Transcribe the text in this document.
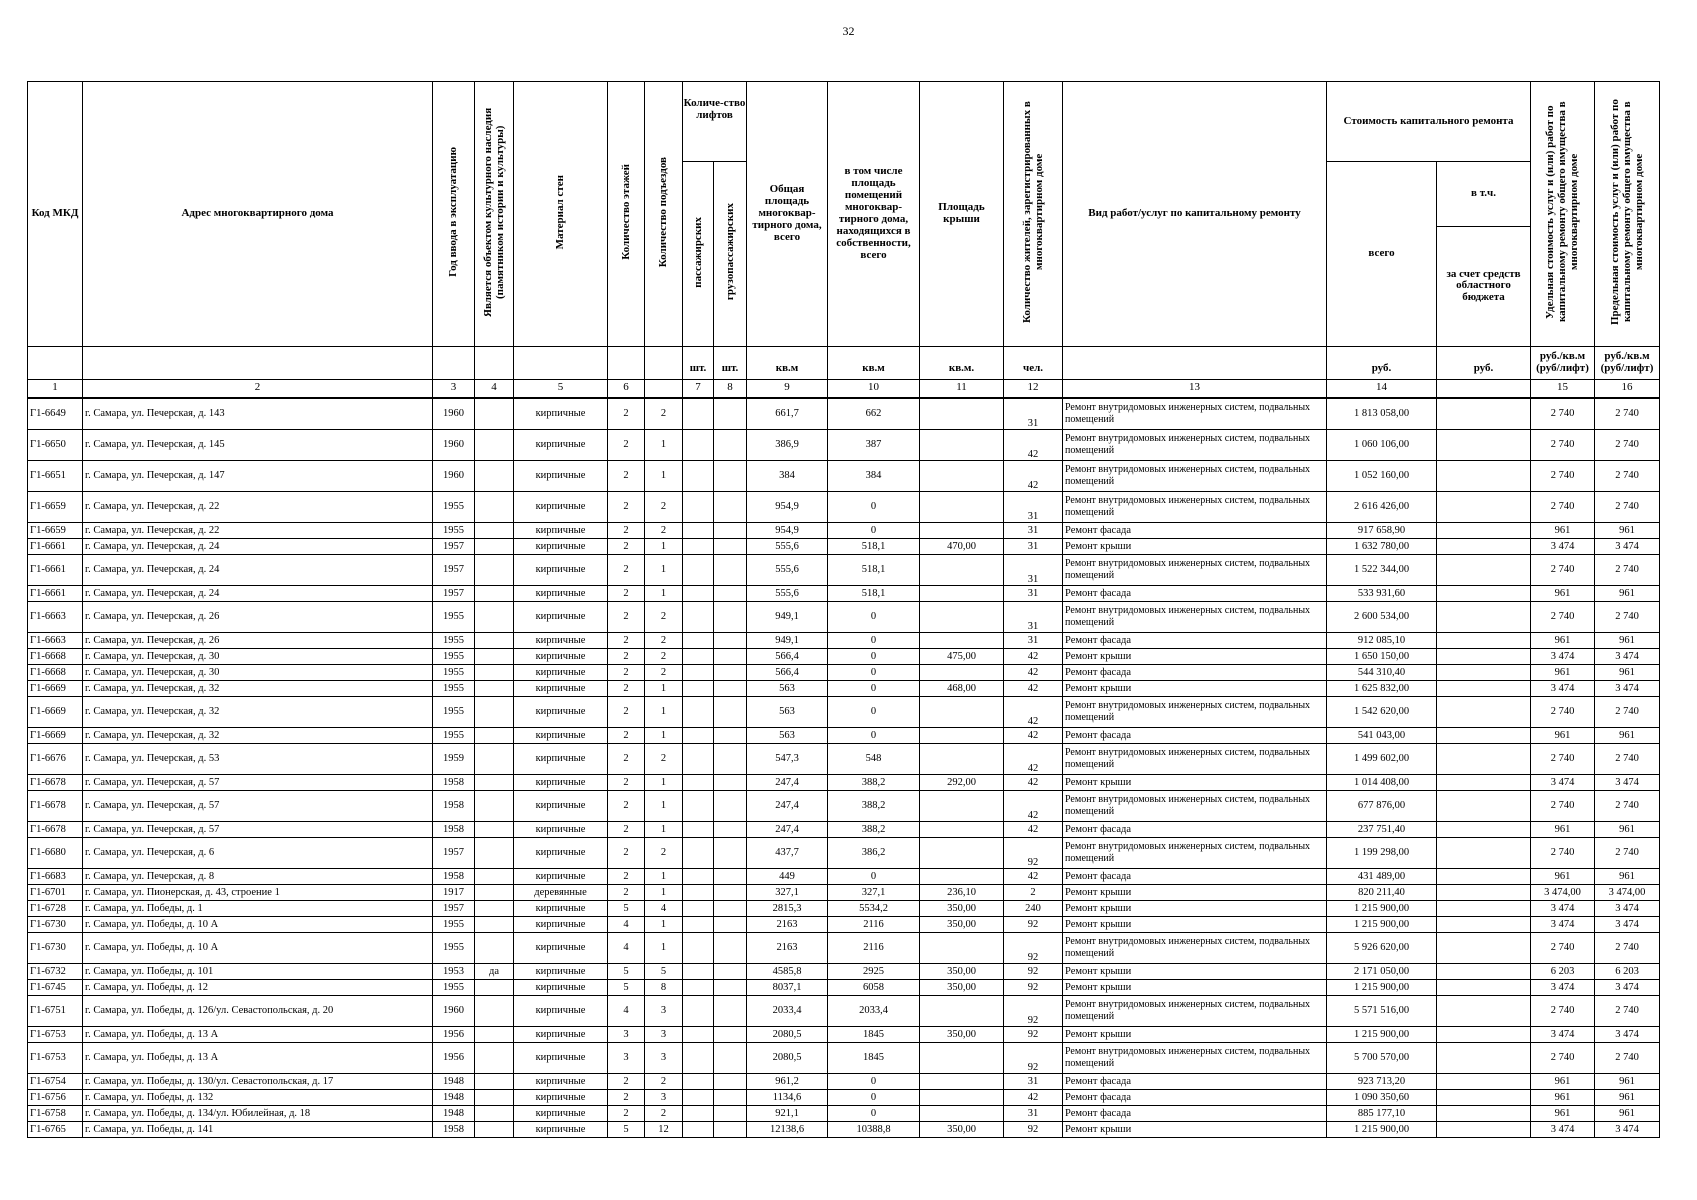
32
Код МКД	Адрес многоквартирного дома	Год ввода в эксплуатацию	Является объектом культурного наследия (памятником истории и культуры)	Материал стен	Количество этажей	Количество подъездов	Количе-ство лифтов		Общая площадь многоквар-тирного дома, всего	в том числе площадь помещений многоквар-тирного дома, находящихся в собственности, всего	Площадь крыши	Количество жителей, зарегистрированных в многоквартирном доме	Вид работ/услуг по капитальному ремонту	Стоимость капитального ремонта		Удельная стоимость услуг и (или) работ по капитальному ремонту общего имущества в многоквартирном доме	Предельная стоимость услуг и (или) работ по капитальному ремонту общего имущества в многоквартирном доме
							пассажирских	грузопассажирских						всего	в т.ч.		
															за счет средств областного бюджета		
							шт.	шт.	кв.м	кв.м	кв.м.	чел.		руб.	руб.	руб./кв.м (руб/лифт)	руб./кв.м (руб/лифт)
1	2	3	4	5	6		7	8	9	10	11	12	13	14		15	16
Г1-6649	г. Самара, ул. Печерская, д. 143	1960		кирпичные	2	2			661,7	662		31	Ремонт внутридомовых инженерных систем, подвальных помещений	1 813 058,00		2 740	2 740
Г1-6650	г. Самара, ул. Печерская, д. 145	1960		кирпичные	2	1			386,9	387		42	Ремонт внутридомовых инженерных систем, подвальных помещений	1 060 106,00		2 740	2 740
Г1-6651	г. Самара, ул. Печерская, д. 147	1960		кирпичные	2	1			384	384		42	Ремонт внутридомовых инженерных систем, подвальных помещений	1 052 160,00		2 740	2 740
Г1-6659	г. Самара, ул. Печерская, д. 22	1955		кирпичные	2	2			954,9	0		31	Ремонт внутридомовых инженерных систем, подвальных помещений	2 616 426,00		2 740	2 740
Г1-6659	г. Самара, ул. Печерская, д. 22	1955		кирпичные	2	2			954,9	0		31	Ремонт фасада	917 658,90		961	961
Г1-6661	г. Самара, ул. Печерская, д. 24	1957		кирпичные	2	1			555,6	518,1	470,00	31	Ремонт крыши	1 632 780,00		3 474	3 474
Г1-6661	г. Самара, ул. Печерская, д. 24	1957		кирпичные	2	1			555,6	518,1		31	Ремонт внутридомовых инженерных систем, подвальных помещений	1 522 344,00		2 740	2 740
Г1-6661	г. Самара, ул. Печерская, д. 24	1957		кирпичные	2	1			555,6	518,1		31	Ремонт фасада	533 931,60		961	961
Г1-6663	г. Самара, ул. Печерская, д. 26	1955		кирпичные	2	2			949,1	0		31	Ремонт внутридомовых инженерных систем, подвальных помещений	2 600 534,00		2 740	2 740
Г1-6663	г. Самара, ул. Печерская, д. 26	1955		кирпичные	2	2			949,1	0		31	Ремонт фасада	912 085,10		961	961
Г1-6668	г. Самара, ул. Печерская, д. 30	1955		кирпичные	2	2			566,4	0	475,00	42	Ремонт крыши	1 650 150,00		3 474	3 474
Г1-6668	г. Самара, ул. Печерская, д. 30	1955		кирпичные	2	2			566,4	0		42	Ремонт фасада	544 310,40		961	961
Г1-6669	г. Самара, ул. Печерская, д. 32	1955		кирпичные	2	1			563	0	468,00	42	Ремонт крыши	1 625 832,00		3 474	3 474
Г1-6669	г. Самара, ул. Печерская, д. 32	1955		кирпичные	2	1			563	0		42	Ремонт внутридомовых инженерных систем, подвальных помещений	1 542 620,00		2 740	2 740
Г1-6669	г. Самара, ул. Печерская, д. 32	1955		кирпичные	2	1			563	0		42	Ремонт фасада	541 043,00		961	961
Г1-6676	г. Самара, ул. Печерская, д. 53	1959		кирпичные	2	2			547,3	548		42	Ремонт внутридомовых инженерных систем, подвальных помещений	1 499 602,00		2 740	2 740
Г1-6678	г. Самара, ул. Печерская, д. 57	1958		кирпичные	2	1			247,4	388,2	292,00	42	Ремонт крыши	1 014 408,00		3 474	3 474
Г1-6678	г. Самара, ул. Печерская, д. 57	1958		кирпичные	2	1			247,4	388,2		42	Ремонт внутридомовых инженерных систем, подвальных помещений	677 876,00		2 740	2 740
Г1-6678	г. Самара, ул. Печерская, д. 57	1958		кирпичные	2	1			247,4	388,2		42	Ремонт фасада	237 751,40		961	961
Г1-6680	г. Самара, ул. Печерская, д. 6	1957		кирпичные	2	2			437,7	386,2		92	Ремонт внутридомовых инженерных систем, подвальных помещений	1 199 298,00		2 740	2 740
Г1-6683	г. Самара, ул. Печерская, д. 8	1958		кирпичные	2	1			449	0		42	Ремонт фасада	431 489,00		961	961
Г1-6701	г. Самара, ул. Пионерская, д. 43, строение 1	1917		деревянные	2	1			327,1	327,1	236,10	2	Ремонт крыши	820 211,40		3 474,00	3 474,00
Г1-6728	г. Самара, ул. Победы, д. 1	1957		кирпичные	5	4			2815,3	5534,2	350,00	240	Ремонт крыши	1 215 900,00		3 474	3 474
Г1-6730	г. Самара, ул. Победы, д. 10 А	1955		кирпичные	4	1			2163	2116	350,00	92	Ремонт крыши	1 215 900,00		3 474	3 474
Г1-6730	г. Самара, ул. Победы, д. 10 А	1955		кирпичные	4	1			2163	2116		92	Ремонт внутридомовых инженерных систем, подвальных помещений	5 926 620,00		2 740	2 740
Г1-6732	г. Самара, ул. Победы, д. 101	1953	да	кирпичные	5	5			4585,8	2925	350,00	92	Ремонт крыши	2 171 050,00		6 203	6 203
Г1-6745	г. Самара, ул. Победы, д. 12	1955		кирпичные	5	8			8037,1	6058	350,00	92	Ремонт крыши	1 215 900,00		3 474	3 474
Г1-6751	г. Самара, ул. Победы, д. 126/ул. Севастопольская, д. 20	1960		кирпичные	4	3			2033,4	2033,4		92	Ремонт внутридомовых инженерных систем, подвальных помещений	5 571 516,00		2 740	2 740
Г1-6753	г. Самара, ул. Победы, д. 13 А	1956		кирпичные	3	3			2080,5	1845	350,00	92	Ремонт крыши	1 215 900,00		3 474	3 474
Г1-6753	г. Самара, ул. Победы, д. 13 А	1956		кирпичные	3	3			2080,5	1845		92	Ремонт внутридомовых инженерных систем, подвальных помещений	5 700 570,00		2 740	2 740
Г1-6754	г. Самара, ул. Победы, д. 130/ул. Севастопольская, д. 17	1948		кирпичные	2	2			961,2	0		31	Ремонт фасада	923 713,20		961	961
Г1-6756	г. Самара, ул. Победы, д. 132	1948		кирпичные	2	3			1134,6	0		42	Ремонт фасада	1 090 350,60		961	961
Г1-6758	г. Самара, ул. Победы, д. 134/ул. Юбилейная, д. 18	1948		кирпичные	2	2			921,1	0		31	Ремонт фасада	885 177,10		961	961
Г1-6765	г. Самара, ул. Победы, д. 141	1958		кирпичные	5	12			12138,6	10388,8	350,00	92	Ремонт крыши	1 215 900,00		3 474	3 474
